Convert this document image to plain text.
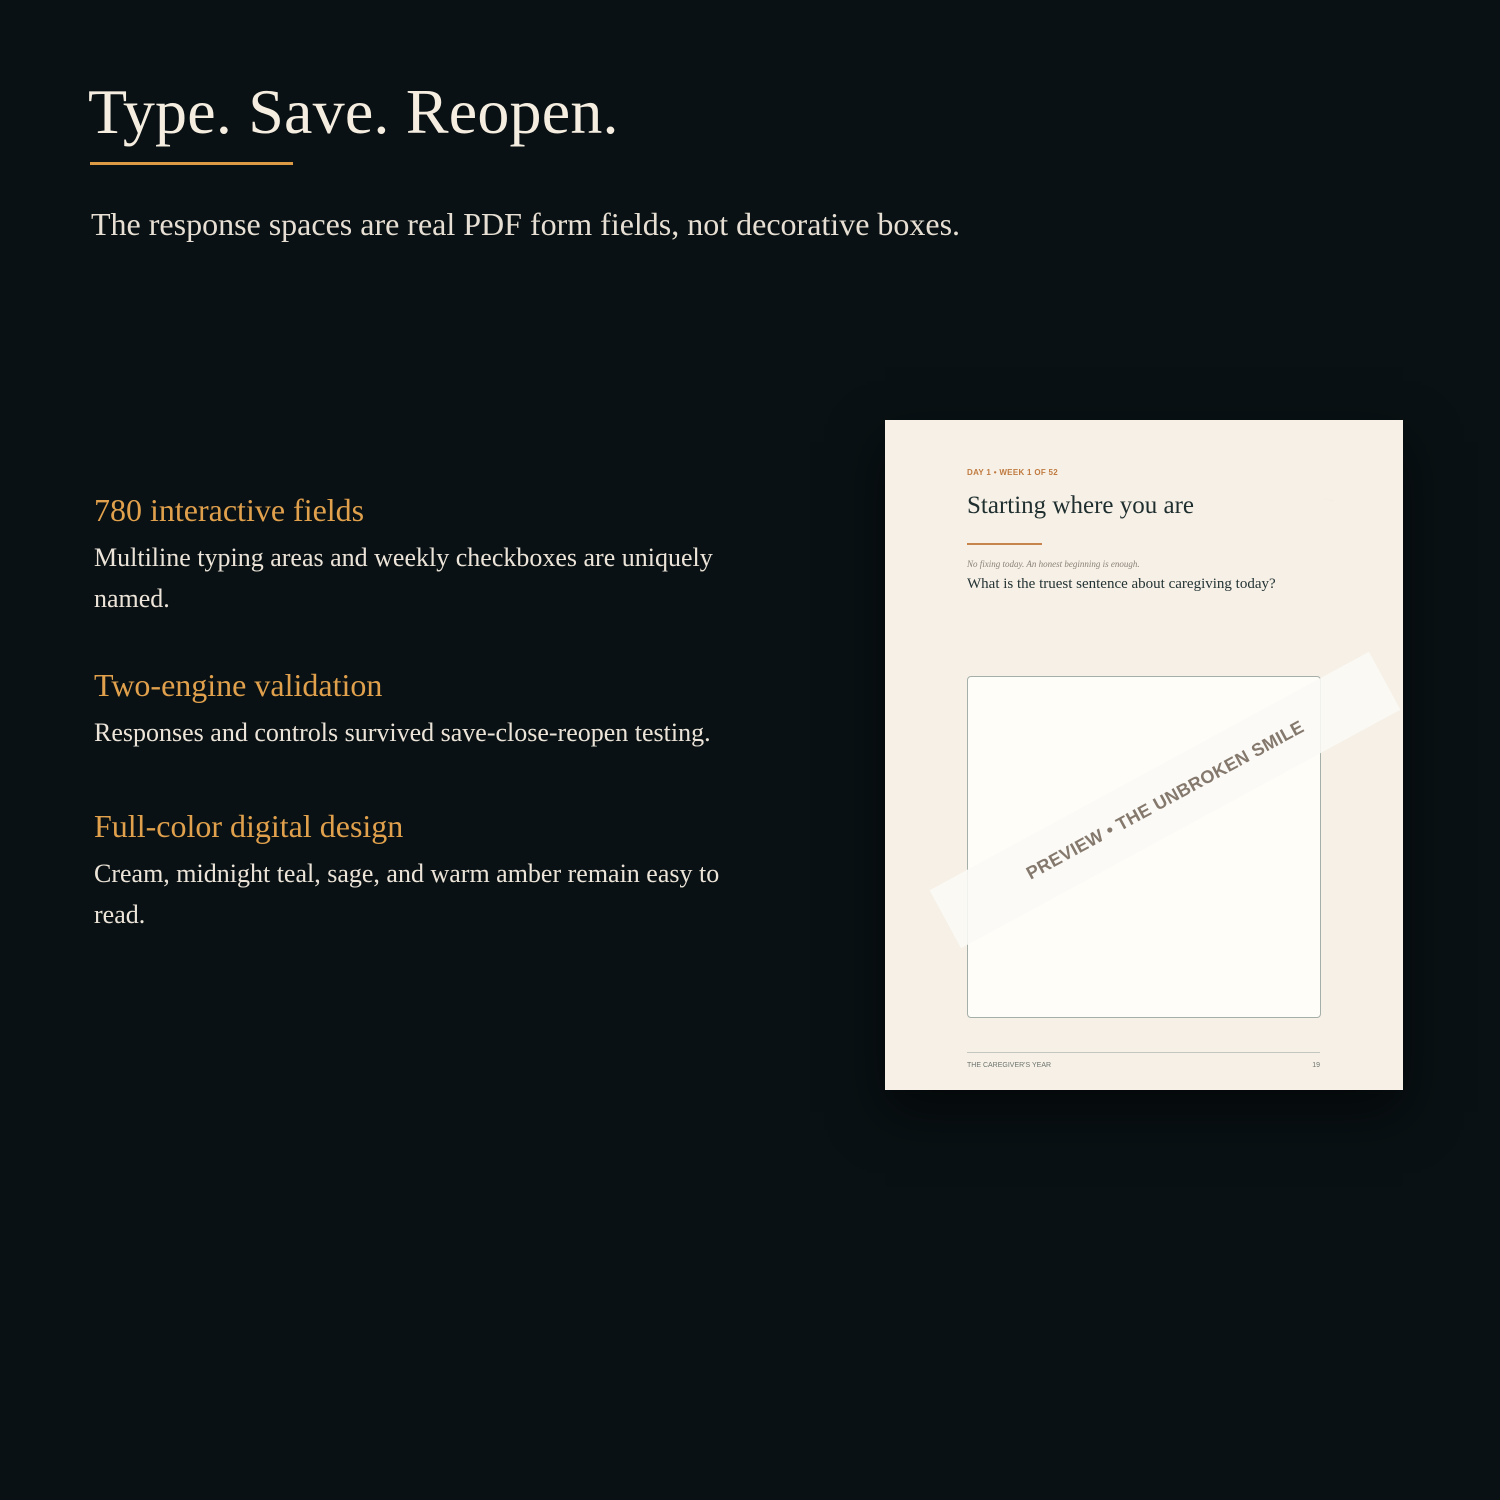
Type. Save. Reopen.

The response spaces are real PDF form fields, not decorative boxes.

780 interactive fields

Multiline typing areas and weekly checkboxes are uniquely named.

Two-engine validation

Responses and controls survived save-close-reopen testing.

Full-color digital design

Cream, midnight teal, sage, and warm amber remain easy to read.

DAY 1 • WEEK 1 OF 52

Starting where you are

No fixing today. An honest beginning is enough.

What is the truest sentence about caregiving today?

PREVIEW • THE UNBROKEN SMILE

THE CAREGIVER'S YEAR	19
